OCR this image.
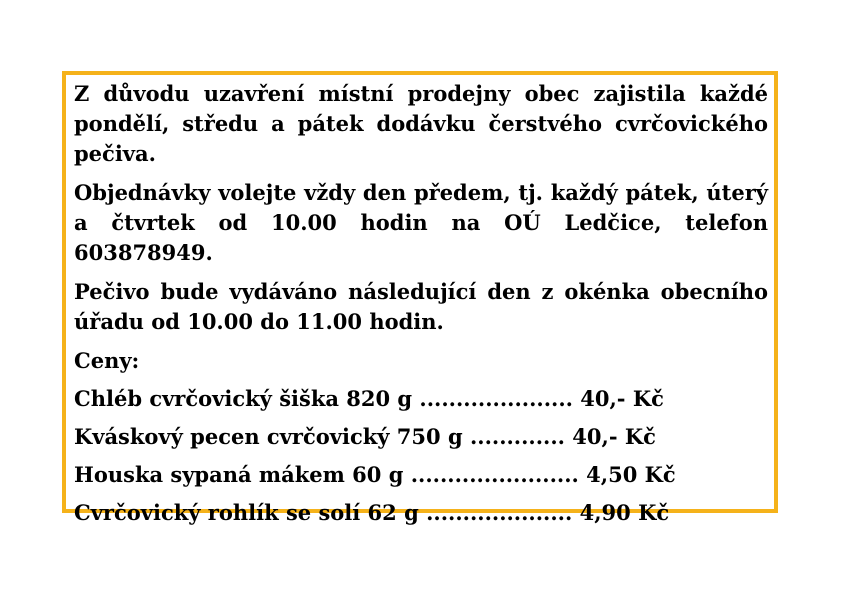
Z důvodu uzavření místní prodejny obec zajistila každé pondělí, středu a pátek dodávku čerstvého cvrčovického pečiva.

Objednávky volejte vždy den předem, tj. každý pátek, úterý a čtvrtek od 10.00 hodin na OÚ Ledčice, telefon 603878949.

Pečivo bude vydáváno následující den z okénka obecního úřadu od 10.00 do 11.00 hodin.

Ceny:
Chléb cvrčovický šiška 820 g ..................... 40,- Kč
Kváskový pecen cvrčovický 750 g ............. 40,- Kč
Houska sypaná mákem 60 g ....................... 4,50 Kč
Cvrčovický rohlík se solí 62 g .................... 4,90 Kč
